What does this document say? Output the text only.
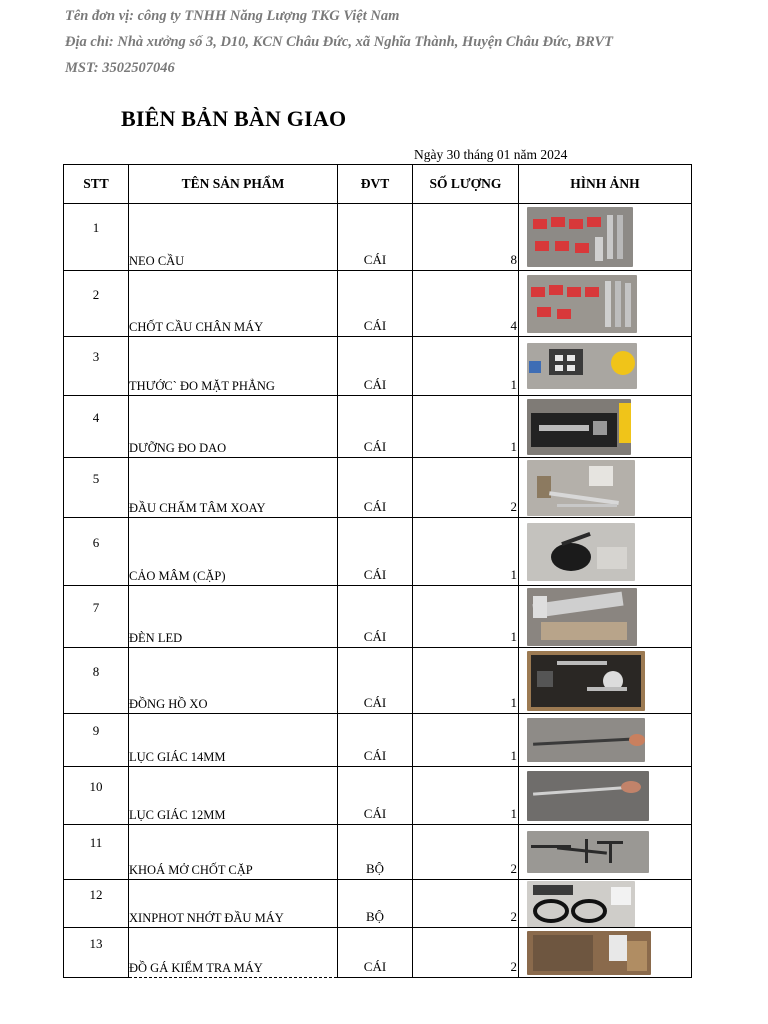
Tên đơn vị: công ty TNHH Năng Lượng TKG Việt Nam
Địa chỉ: Nhà xưởng số 3, D10, KCN Châu Đức, xã Nghĩa Thành, Huyện Châu Đức, BRVT
MST: 3502507046
BIÊN BẢN BÀN GIAO
Ngày 30 tháng 01 năm 2024
STT	TÊN SẢN PHẨM	ĐVT	SỐ LƯỢNG	HÌNH ẢNH
1	NEO CẦU	CÁI	8	

2	CHỐT CẦU CHÂN MÁY	CÁI	4	

3	THƯỚC` ĐO MẶT PHẲNG	CÁI	1	

4	DƯỠNG ĐO DAO	CÁI	1	

5	ĐẦU CHẤM TÂM XOAY	CÁI	2	

6	CẢO MÂM (CẶP)	CÁI	1	

7	ĐÈN LED	CÁI	1	

8	ĐỒNG HỒ XO	CÁI	1	

9	LỤC GIÁC 14MM	CÁI	1	

10	LỤC GIÁC 12MM	CÁI	1	

11	KHOÁ MỞ CHỐT CẶP	BỘ	2	

12	XINPHOT NHỚT ĐẦU MÁY	BỘ	2	

13	ĐỒ GÁ KIỂM TRA MÁY	CÁI	2	
